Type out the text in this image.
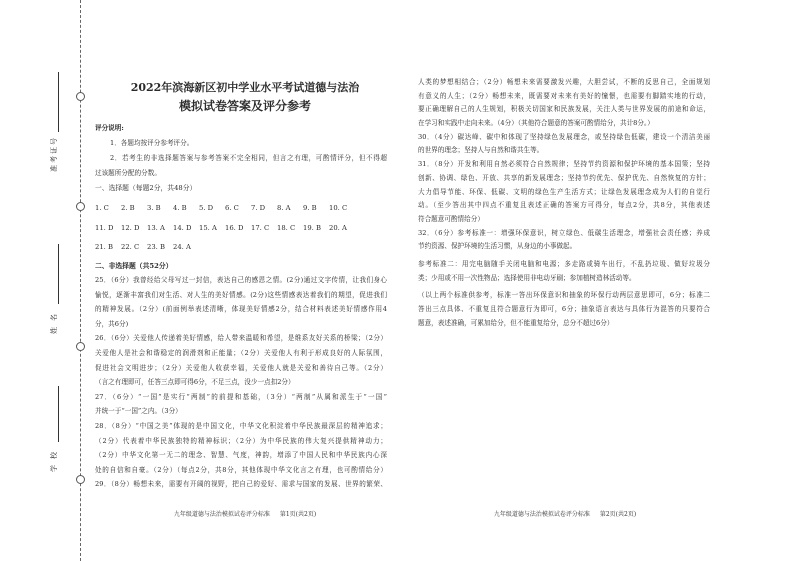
准考证号
姓名
学校
2022年滨海新区初中学业水平考试道德与法治
模拟试卷答案及评分参考
评分说明:
1．各题均按评分参考评分。
2．若考生的非选择题答案与参考答案不完全相同，但言之有理，可酌情评分，但不得超
过该题所分配的分数。
一、选择题（每题2分，共48分）
1. C	2. B	3. B	4. B	5. D	6. C	7. D	8. A	9. B	10. C
11. D	12. D	13. A	14. D	15. A	16. D	17. C	18. C	19. B	20. A
21. B	22. C	23. B	24. A
二、非选择题（共52分）
25．（6分）我曾经给父母写过一封信，表达自己的感恩之情。(2分)通过文字传情，让我们身心
愉悦，逐渐丰富我们对生活、对人生的美好情感。(2分)这些情感表达着我们的期望，促进我们
的精神发展。（2分）(前面例举表述清晰，体现美好情感2分，结合材料表述美好情感作用4
分，共6分)
26．（6分）关爱他人传递着美好情感，给人带来温暖和希望，是维系友好关系的桥梁；（2分）
关爱他人是社会和谐稳定的润滑剂和正能量；（2分）关爱他人有利于形成良好的人际氛围，
促进社会文明进步；（2分）关爱他人收获幸福，关爱他人就是关爱和善待自己等。（2分）
（言之有理即可，任答三点即可得6分，不足三点，没少一点扣2分）
27．（6分）“一国”是实行“两制”的前提和基础，（3分）“两制”从属和派生于“一国”
并统一于“一国”之内。（3分）
28．（8分）“中国之美”体现的是中国文化，中华文化积淀着中华民族最深层的精神追求；
（2分）代表着中华民族独特的精神标识；（2分）为中华民族的伟大复兴提供精神动力；
（2分）中华文化第一无二的理念、智慧、气度，神韵，增添了中国人民和中华民族内心深
处的自信和自豪。（2分）（每点2分，共8分，其他体现中华文化言之有理，也可酌情给分）
29．（8分）畅想未来，需要有开阔的视野，把自己的爱好、需求与国家的发展、世界的繁荣、
人类的梦想相结合；（2分）畅想未来需要激发兴趣，大胆尝试，不断的反思自己，全面规划
有意义的人生；（2分）畅想未来，既需要对未来有美好的憧憬，也需要有脚踏实地的行动，
要正确理解自己的人生规划，积极关切国家和民族发展，关注人类与世界发展的前途和命运，
在学习和实践中走向未来。（4分）（其他符合题意的答案可酌情给分，共计8分。）
30．（4分）碳达峰、碳中和体现了坚持绿色发展理念，或坚持绿色低碳，建设一个清洁美丽
的世界的理念；坚持人与自然和谐共生等。
31．（8分）开发和利用自然必须符合自然规律；坚持节约资源和保护环境的基本国策；坚持
创新、协调、绿色、开放、共享的新发展理念；坚持节约优先、保护优先、自然恢复的方针；
大力倡导节能、环保、低碳、文明的绿色生产生活方式；让绿色发展理念成为人们的自觉行
动。（至少答出其中四点不重复且表述正确的答案方可得分，每点2分，共8分，其他表述
符合题意可酌情给分）
32．（6分）参考标准一：增强环保意识，树立绿色、低碳生活理念，增强社会责任感；养成
节约资源、保护环境的生活习惯，从身边的小事做起。
参考标准二：用完电脑随手关闭电脑和电源；多走路或骑车出行，不乱扔垃圾、做好垃圾分
类；少用或不用一次性物品；选择使用非电动牙刷；参加植树造林活动等。
（以上两个标准供参考，标准一答出环保意识和抽象的环保行动两层意思即可，6分；标准二
答出三点具体、不重复且符合题意行为即可，6分；抽象语言表达与具体行为混答的只要符合
题意，表述准确，可累加给分，但不能重复给分，总分不超过6分）
九年级道德与法治模拟试卷评分标准 第1页(共2页)	九年级道德与法治模拟试卷评分标准 第2页(共2页)
